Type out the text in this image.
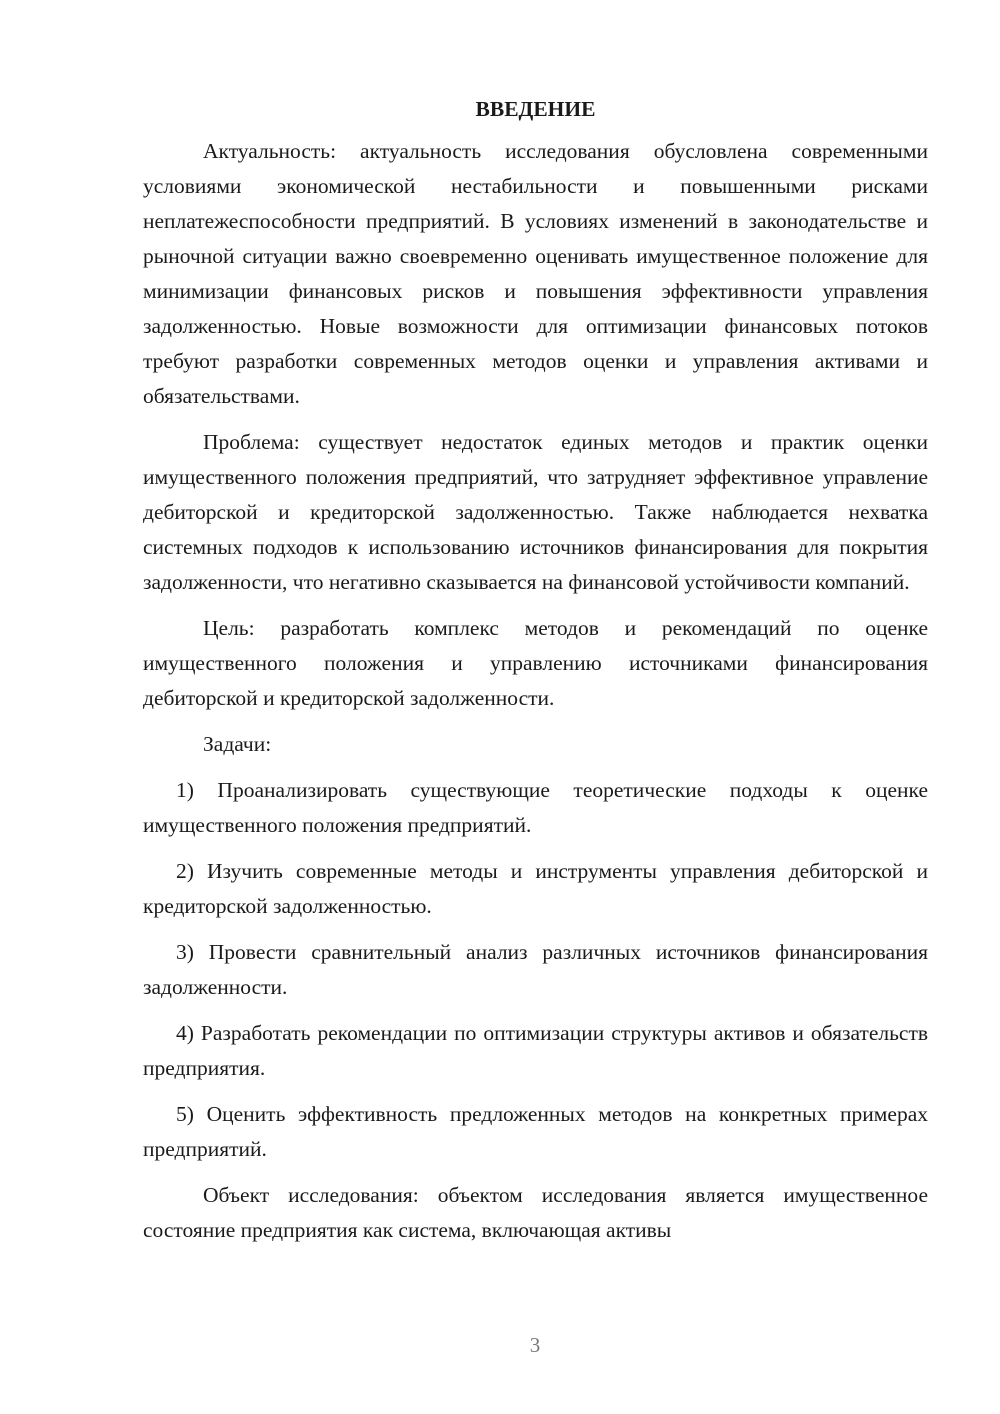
ВВЕДЕНИЕ

Актуальность: актуальность исследования обусловлена современными условиями экономической нестабильности и повышенными рисками неплатежеспособности предприятий. В условиях изменений в законодательстве и рыночной ситуации важно своевременно оценивать имущественное положение для минимизации финансовых рисков и повышения эффективности управления задолженностью. Новые возможности для оптимизации финансовых потоков требуют разработки современных методов оценки и управления активами и обязательствами.

Проблема: существует недостаток единых методов и практик оценки имущественного положения предприятий, что затрудняет эффективное управление дебиторской и кредиторской задолженностью. Также наблюдается нехватка системных подходов к использованию источников финансирования для покрытия задолженности, что негативно сказывается на финансовой устойчивости компаний.

Цель: разработать комплекс методов и рекомендаций по оценке имущественного положения и управлению источниками финансирования дебиторской и кредиторской задолженности.

Задачи:

1) Проанализировать существующие теоретические подходы к оценке имущественного положения предприятий.

2) Изучить современные методы и инструменты управления дебиторской и кредиторской задолженностью.

3) Провести сравнительный анализ различных источников финансирования задолженности.

4) Разработать рекомендации по оптимизации структуры активов и обязательств предприятия.

5) Оценить эффективность предложенных методов на конкретных примерах предприятий.

Объект исследования: объектом исследования является имущественное состояние предприятия как система, включающая активы

3
